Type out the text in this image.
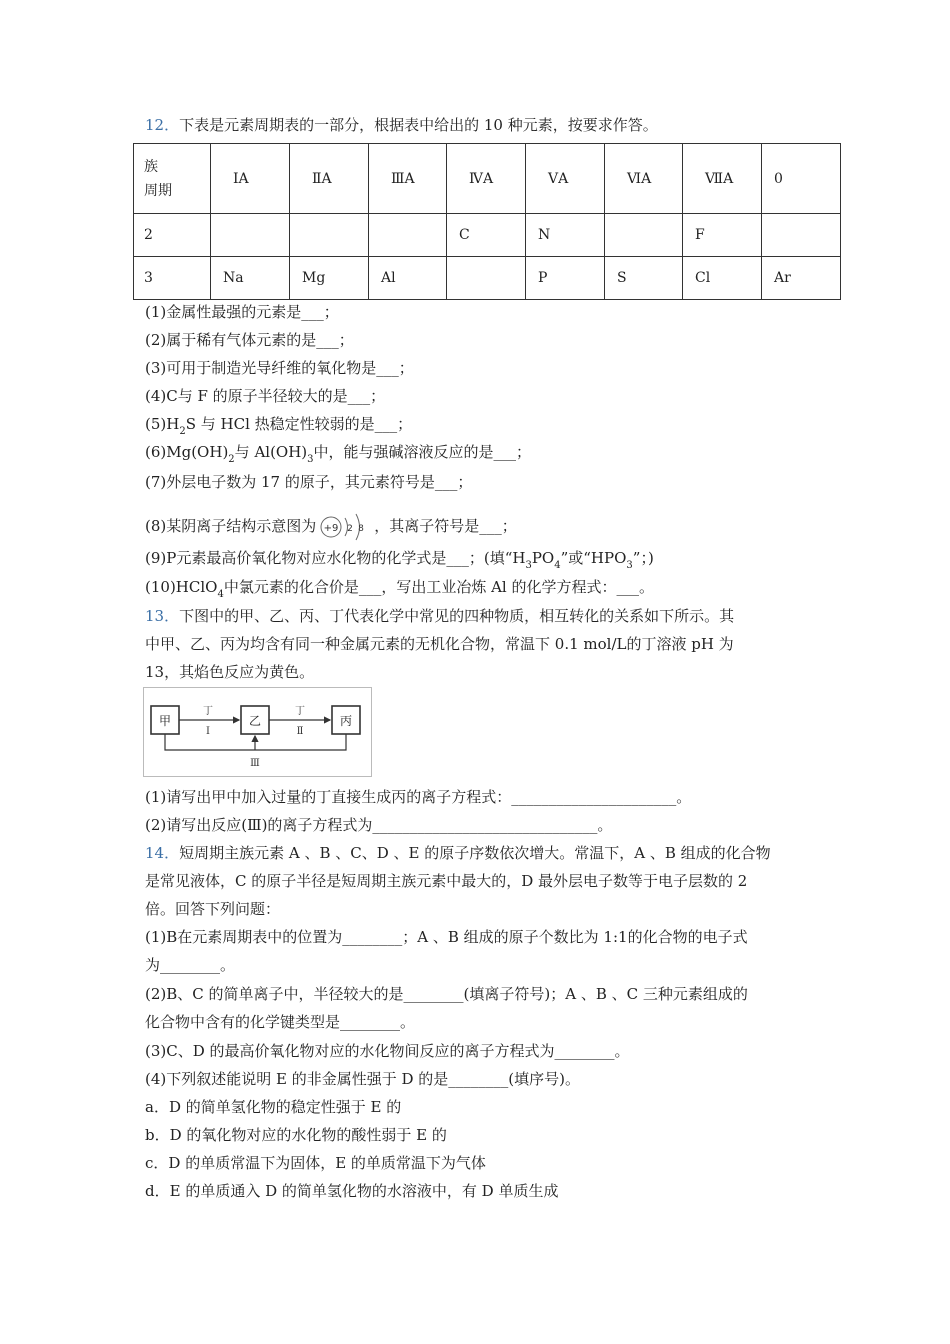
12．下表是元素周期表的一部分，根据表中给出的 10 种元素，按要求作答。
族
周期	ⅠA	ⅡA	ⅢA	ⅣA	ⅤA	ⅥA	ⅦA	0
2				C	N		F	
3	Na	Mg	Al		P	S	Cl	Ar
(1)金属性最强的元素是___；
(2)属于稀有气体元素的是___；
(3)可用于制造光导纤维的氧化物是___；
(4)C与 F 的原子半径较大的是___；
$(5)H_2S$ 与 HCl 热稳定性较弱的是___；
$(6)Mg(OH)_2$与 $Al(OH)_3$中，能与强碱溶液反应的是___；
(7)外层电子数为 17 的原子，其元素符号是___；
(8)某阴离子结构示意图为 +9 2 8 ，其离子符号是___；
(9)P元素最高价氧化物对应水化物的化学式是___；(填“$H_3PO_4$”或“$HPO_3$”；)
(10)HClO$_4$中氯元素的化合价是___，写出工业冶炼 Al 的化学方程式：___。
13．下图中的甲、乙、丙、丁代表化学中常见的四种物质，相互转化的关系如下所示。其
中甲、乙、丙为均含有同一种金属元素的无机化合物，常温下 0.1 mol/L的丁溶液 pH 为
13，其焰色反应为黄色。
甲	乙	丙
丁
Ⅰ
丁
Ⅱ
Ⅲ
(1)请写出甲中加入过量的丁直接生成丙的离子方程式：______________________。
(2)请写出反应(Ⅲ)的离子方程式为______________________________。
14．短周期主族元素 A 、B 、C、D 、E 的原子序数依次增大。常温下，A 、B 组成的化合物
是常见液体，C 的原子半径是短周期主族元素中最大的，D 最外层电子数等于电子层数的 2
倍。回答下列问题：
(1)B在元素周期表中的位置为________；A 、B 组成的原子个数比为 1:1的化合物的电子式
为________。
(2)B、C 的简单离子中，半径较大的是________(填离子符号)；A 、B 、C 三种元素组成的
化合物中含有的化学键类型是________。
(3)C、D 的最高价氧化物对应的水化物间反应的离子方程式为________。
(4)下列叙述能说明 E 的非金属性强于 D 的是________(填序号)。
a．D 的简单氢化物的稳定性强于 E 的
b．D 的氧化物对应的水化物的酸性弱于 E 的
c．D 的单质常温下为固体，E 的单质常温下为气体
d．E 的单质通入 D 的简单氢化物的水溶液中，有 D 单质生成
